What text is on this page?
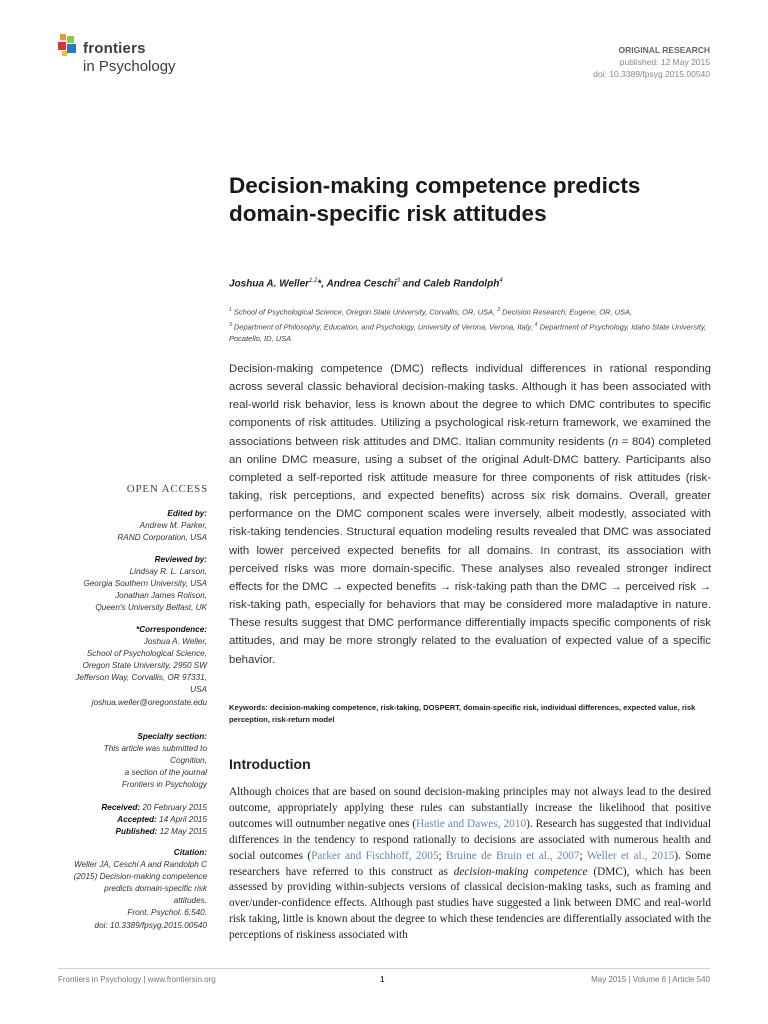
frontiers
in Psychology
ORIGINAL RESEARCH
published: 12 May 2015
doi: 10.3389/fpsyg.2015.00540
Decision-making competence predicts domain-specific risk attitudes
Joshua A. Weller$^{1,2}$*, Andrea Ceschi$^3$ and Caleb Randolph$^4$
$^1$ School of Psychological Science, Oregon State University, Corvallis, OR, USA, $^2$ Decision Research, Eugene, OR, USA,
$^3$ Department of Philosophy, Education, and Psychology, University of Verona, Verona, Italy, $^4$ Department of Psychology, Idaho State University, Pocatello, ID, USA
Decision-making competence (DMC) reflects individual differences in rational responding across several classic behavioral decision-making tasks. Although it has been associated with real-world risk behavior, less is known about the degree to which DMC contributes to specific components of risk attitudes. Utilizing a psychological risk-return framework, we examined the associations between risk attitudes and DMC. Italian community residents (n = 804) completed an online DMC measure, using a subset of the original Adult-DMC battery. Participants also completed a self-reported risk attitude measure for three components of risk attitudes (risk-taking, risk perceptions, and expected benefits) across six risk domains. Overall, greater performance on the DMC component scales were inversely, albeit modestly, associated with risk-taking tendencies. Structural equation modeling results revealed that DMC was associated with lower perceived expected benefits for all domains. In contrast, its association with perceived risks was more domain-specific. These analyses also revealed stronger indirect effects for the DMC → expected benefits → risk-taking path than the DMC → perceived risk → risk-taking path, especially for behaviors that may be considered more maladaptive in nature. These results suggest that DMC performance differentially impacts specific components of risk attitudes, and may be more strongly related to the evaluation of expected value of a specific behavior.
Keywords: decision-making competence, risk-taking, DOSPERT, domain-specific risk, individual differences, expected value, risk perception, risk-return model
OPEN ACCESS
Edited by:
Andrew M. Parker,
RAND Corporation, USA
Reviewed by:
Lindsay R. L. Larson,
Georgia Southern University, USA
Jonathan James Rolison,
Queen's University Belfast, UK
*Correspondence:
Joshua A. Weller,
School of Psychological Science,
Oregon State University, 2950 SW
Jefferson Way, Corvallis, OR 97331,
USA
joshua.weller@oregonstate.edu
Specialty section:
This article was submitted to
Cognition,
a section of the journal
Frontiers in Psychology
Received: 20 February 2015
Accepted: 14 April 2015
Published: 12 May 2015
Citation:
Weller JA, Ceschi A and Randolph C
(2015) Decision-making competence
predicts domain-specific risk
attitudes.
Front. Psychol. 6:540.
doi: 10.3389/fpsyg.2015.00540
Introduction
Although choices that are based on sound decision-making principles may not always lead to the desired outcome, appropriately applying these rules can substantially increase the likelihood that positive outcomes will outnumber negative ones (Hastie and Dawes, 2010). Research has suggested that individual differences in the tendency to respond rationally to decisions are associated with numerous health and social outcomes (Parker and Fischhoff, 2005; Bruine de Bruin et al., 2007; Weller et al., 2015). Some researchers have referred to this construct as decision-making competence (DMC), which has been assessed by providing within-subjects versions of classical decision-making tasks, such as framing and over/under-confidence effects. Although past studies have suggested a link between DMC and real-world risk taking, little is known about the degree to which these tendencies are differentially associated with the perceptions of riskiness associated with
Frontiers in Psychology | www.frontiersin.org	1	May 2015 | Volume 6 | Article 540
